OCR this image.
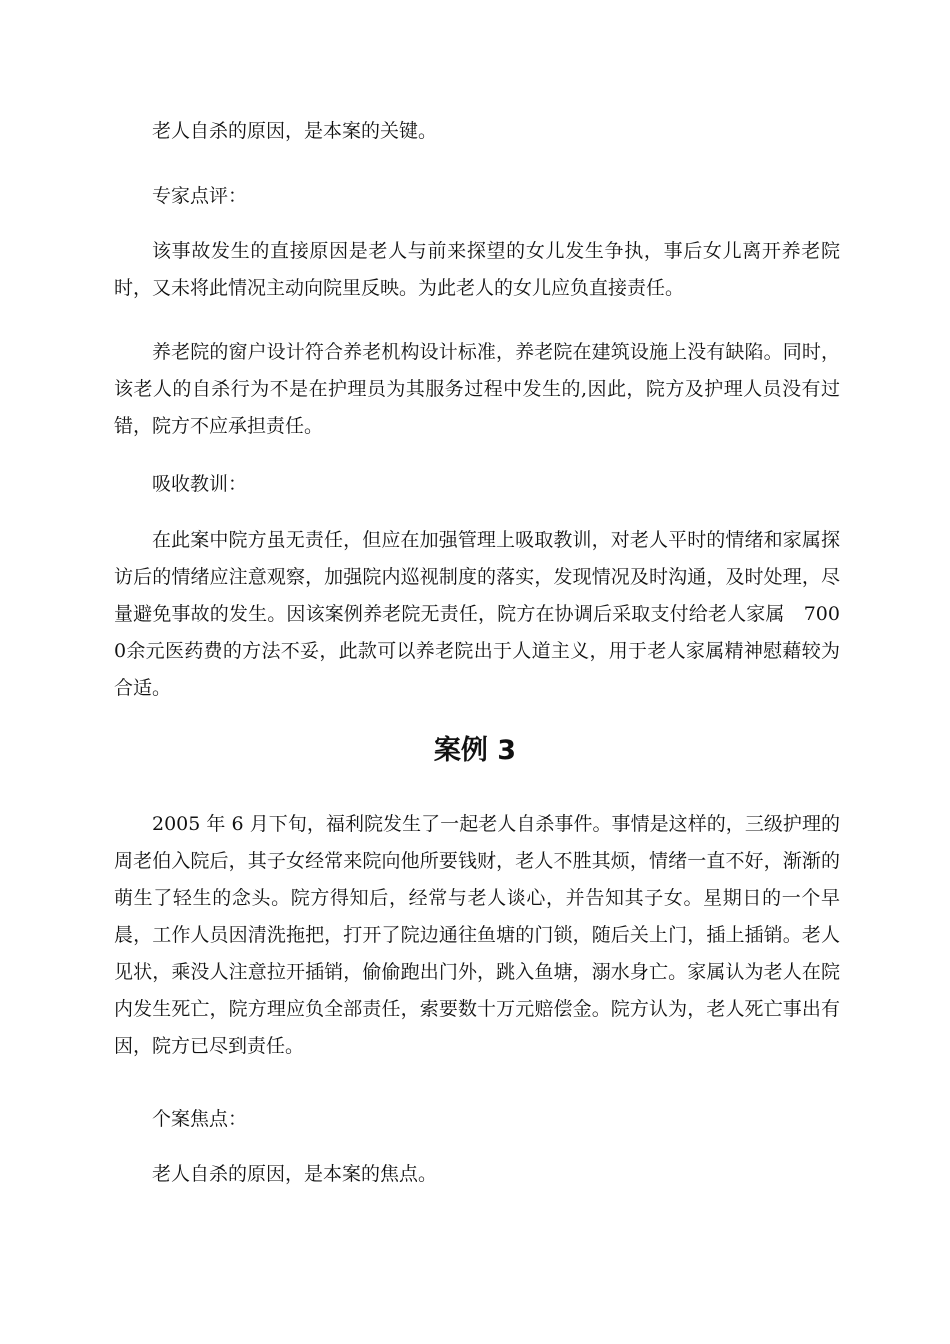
老人自杀的原因，是本案的关键。

专家点评：

该事故发生的直接原因是老人与前来探望的女儿发生争执，事后女儿离开养老院时，又未将此情况主动向院里反映。为此老人的女儿应负直接责任。

养老院的窗户设计符合养老机构设计标准，养老院在建筑设施上没有缺陷。同时，该老人的自杀行为不是在护理员为其服务过程中发生的,因此，院方及护理人员没有过错，院方不应承担责任。

吸收教训：

在此案中院方虽无责任，但应在加强管理上吸取教训，对老人平时的情绪和家属探访后的情绪应注意观察，加强院内巡视制度的落实，发现情况及时沟通，及时处理，尽量避免事故的发生。因该案例养老院无责任，院方在协调后采取支付给老人家属　7000余元医药费的方法不妥，此款可以养老院出于人道主义，用于老人家属精神慰藉较为合适。

案例 3

2005 年 6 月下旬，福利院发生了一起老人自杀事件。事情是这样的，三级护理的周老伯入院后，其子女经常来院向他所要钱财，老人不胜其烦，情绪一直不好，渐渐的萌生了轻生的念头。院方得知后，经常与老人谈心，并告知其子女。星期日的一个早晨，工作人员因清洗拖把，打开了院边通往鱼塘的门锁，随后关上门，插上插销。老人见状，乘没人注意拉开插销，偷偷跑出门外，跳入鱼塘，溺水身亡。家属认为老人在院内发生死亡，院方理应负全部责任，索要数十万元赔偿金。院方认为，老人死亡事出有因，院方已尽到责任。

个案焦点：

老人自杀的原因，是本案的焦点。
